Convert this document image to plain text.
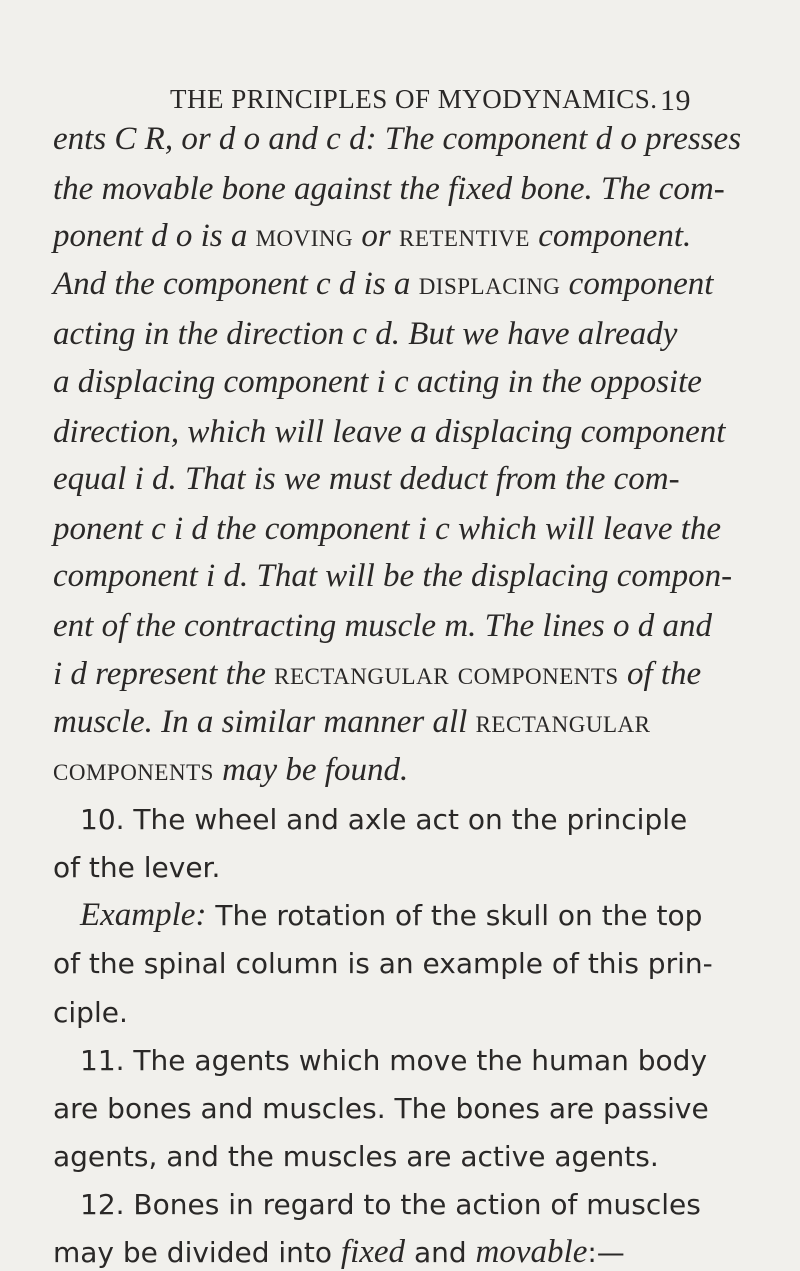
THE PRINCIPLES OF MYODYNAMICS. 19
ents C R, or d o and c d: The component d o presses
the movable bone against the fixed bone. The com-
ponent d o is a moving or retentive component.
And the component c d is a displacing component
acting in the direction c d. But we have already
a displacing component i c acting in the opposite
direction, which will leave a displacing component
equal i d. That is we must deduct from the com-
ponent c i d the component i c which will leave the
component i d. That will be the displacing compon-
ent of the contracting muscle m. The lines o d and
i d represent the rectangular components of the
muscle. In a similar manner all rectangular
components may be found.
10. The wheel and axle act on the principle
of the lever.
Example: The rotation of the skull on the top
of the spinal column is an example of this prin-
ciple.
11. The agents which move the human body
are bones and muscles. The bones are passive
agents, and the muscles are active agents.
12. Bones in regard to the action of muscles
may be divided into fixed and movable:—
